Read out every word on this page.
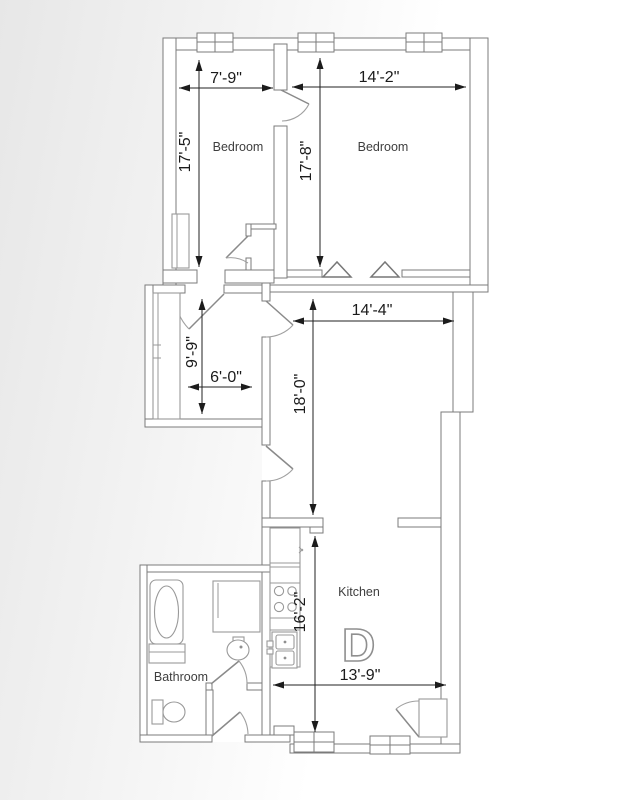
7'-9"	14'-2"
17'-5"	17'-8"
14'-4"
18'-0"
9'-9"
6'-0"
16'-2"
13'-9"
Bedroom	Bedroom
Kitchen
Bathroom
D
